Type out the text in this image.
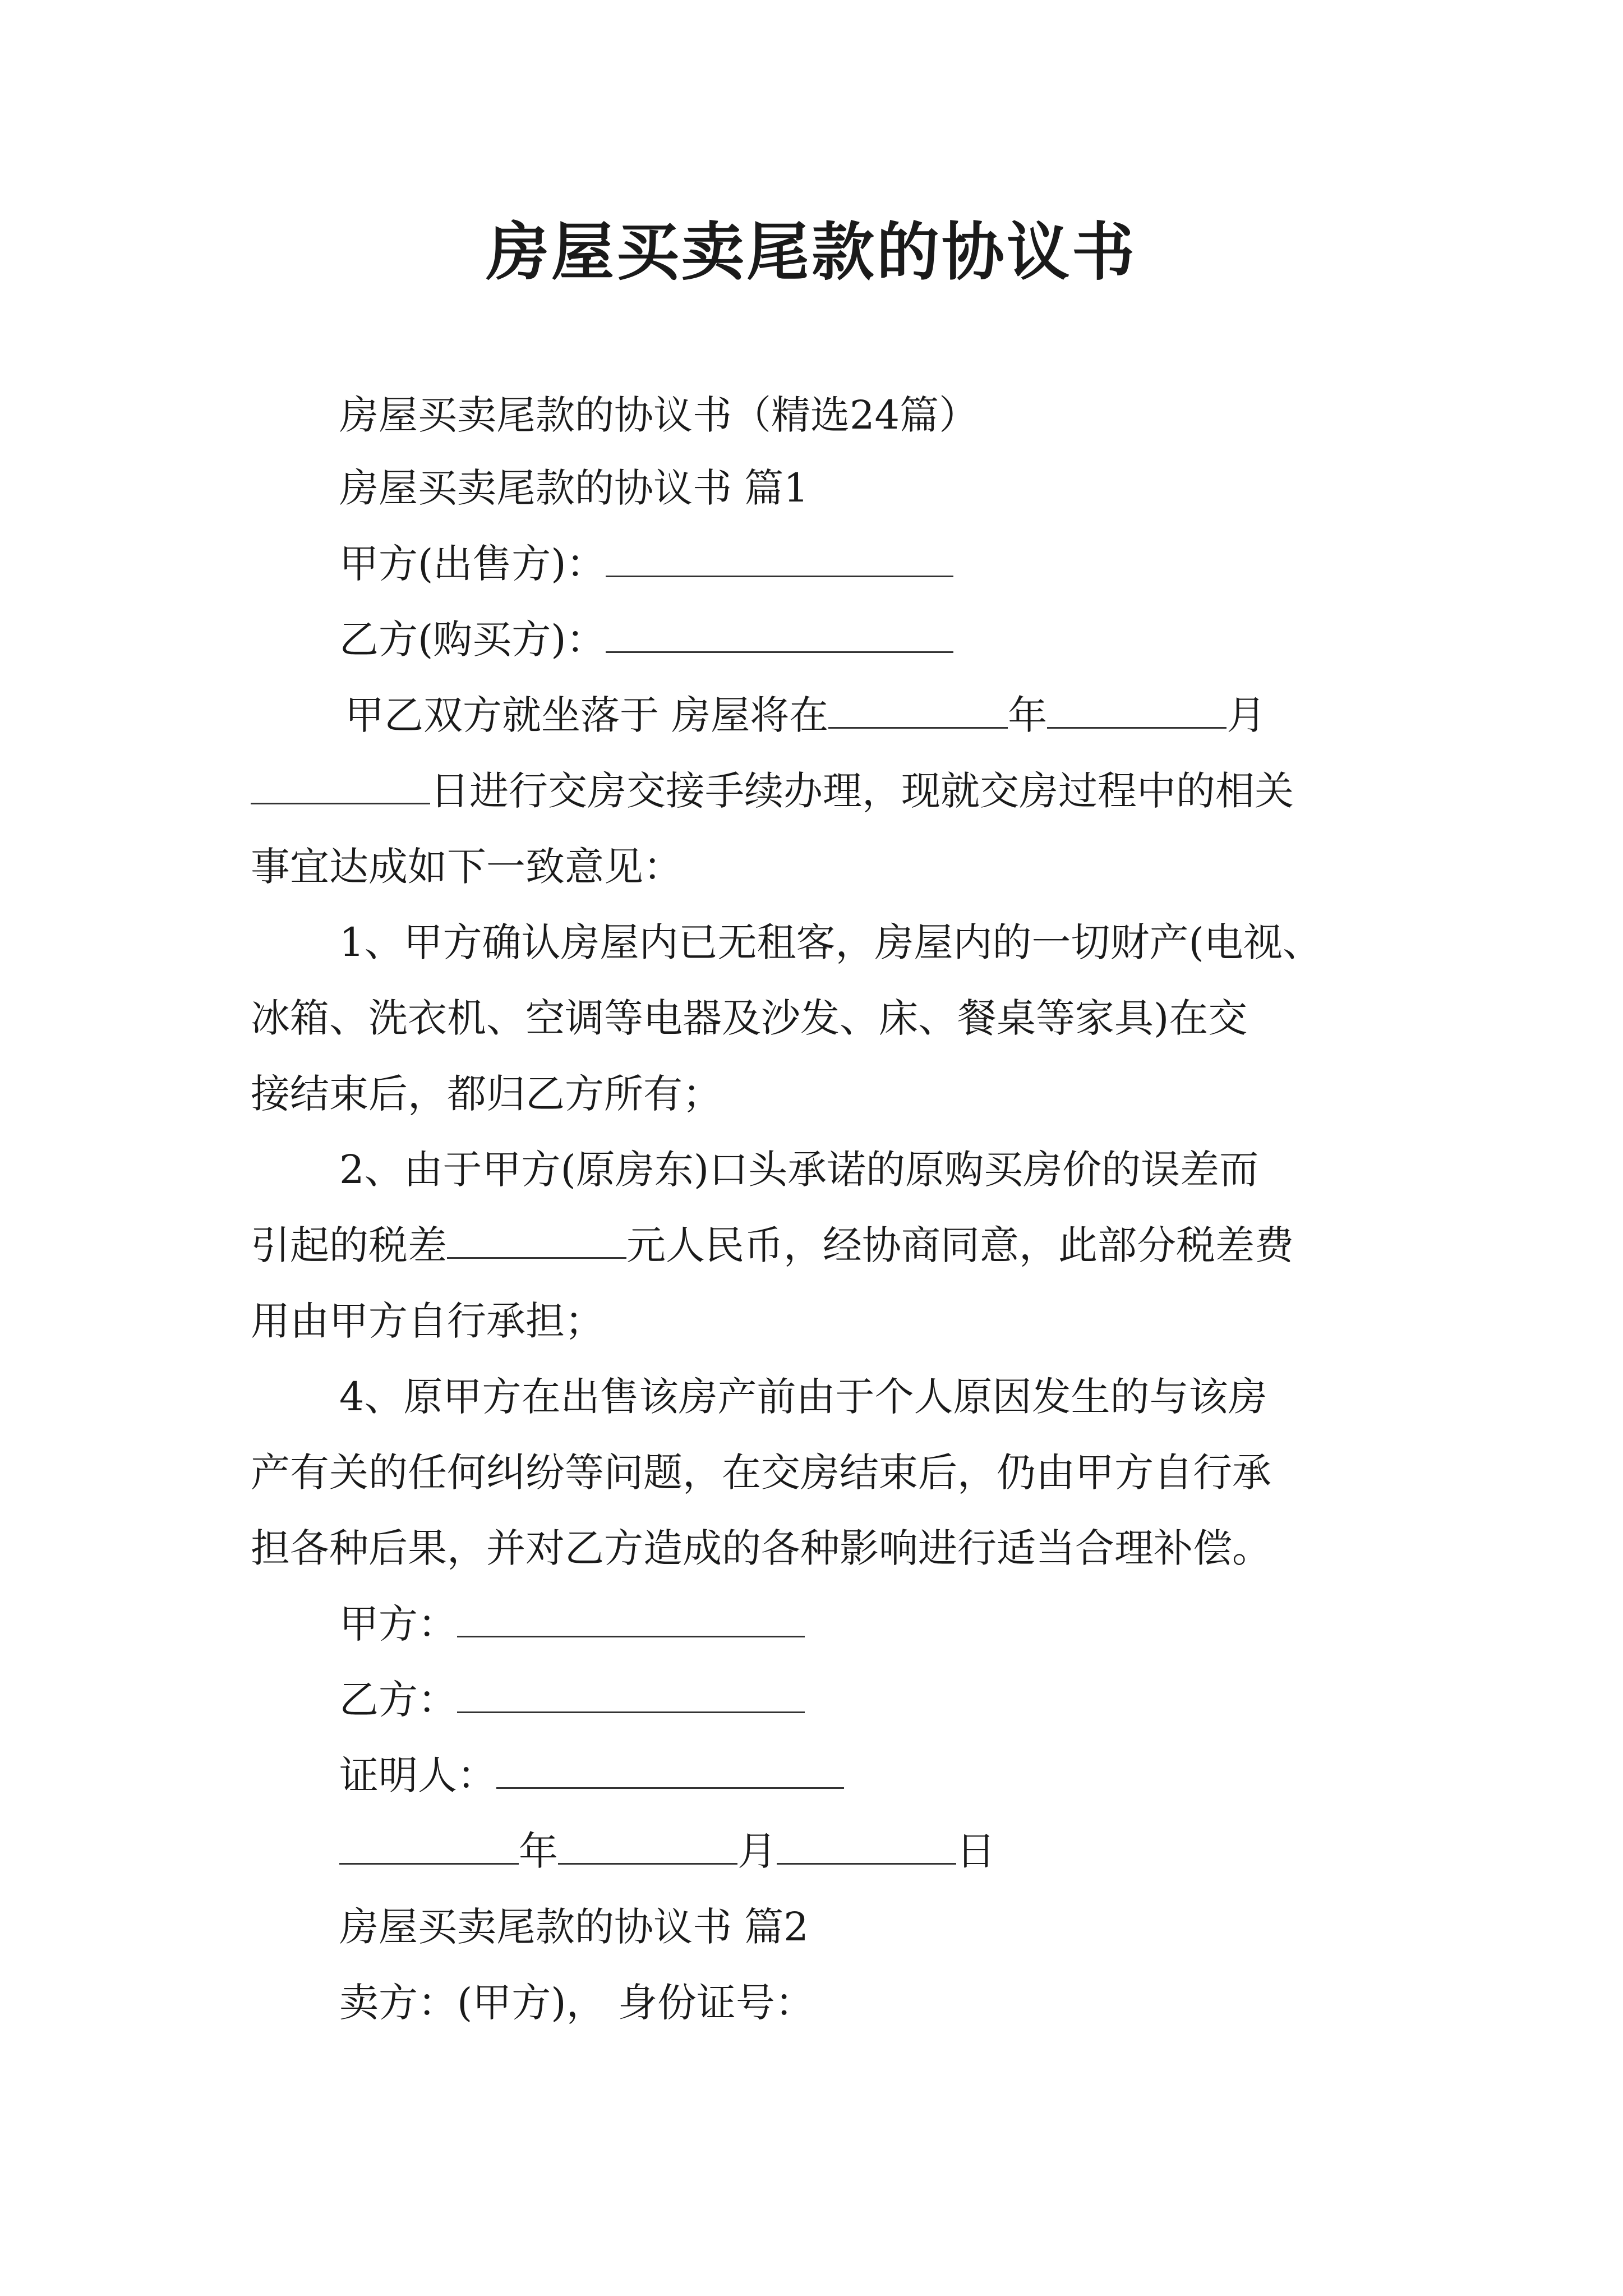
房屋买卖尾款的协议书
房屋买卖尾款的协议书（精选24篇）
房屋买卖尾款的协议书 篇1
甲方(出售方)：
乙方(购买方)：
甲乙双方就坐落于 房屋将在	年	月
日进行交房交接手续办理，现就交房过程中的相关
事宜达成如下一致意见：
1、甲方确认房屋内已无租客，房屋内的一切财产(电视、
冰箱、洗衣机、空调等电器及沙发、床、餐桌等家具)在交
接结束后，都归乙方所有；
2、由于甲方(原房东)口头承诺的原购买房价的误差而
引起的税差	元人民币，经协商同意，此部分税差费
用由甲方自行承担；
4、原甲方在出售该房产前由于个人原因发生的与该房
产有关的任何纠纷等问题，在交房结束后，仍由甲方自行承
担各种后果，并对乙方造成的各种影响进行适当合理补偿。
甲方：
乙方：
证明人：
年	月	日
房屋买卖尾款的协议书 篇2
卖方：(甲方)， 身份证号：
